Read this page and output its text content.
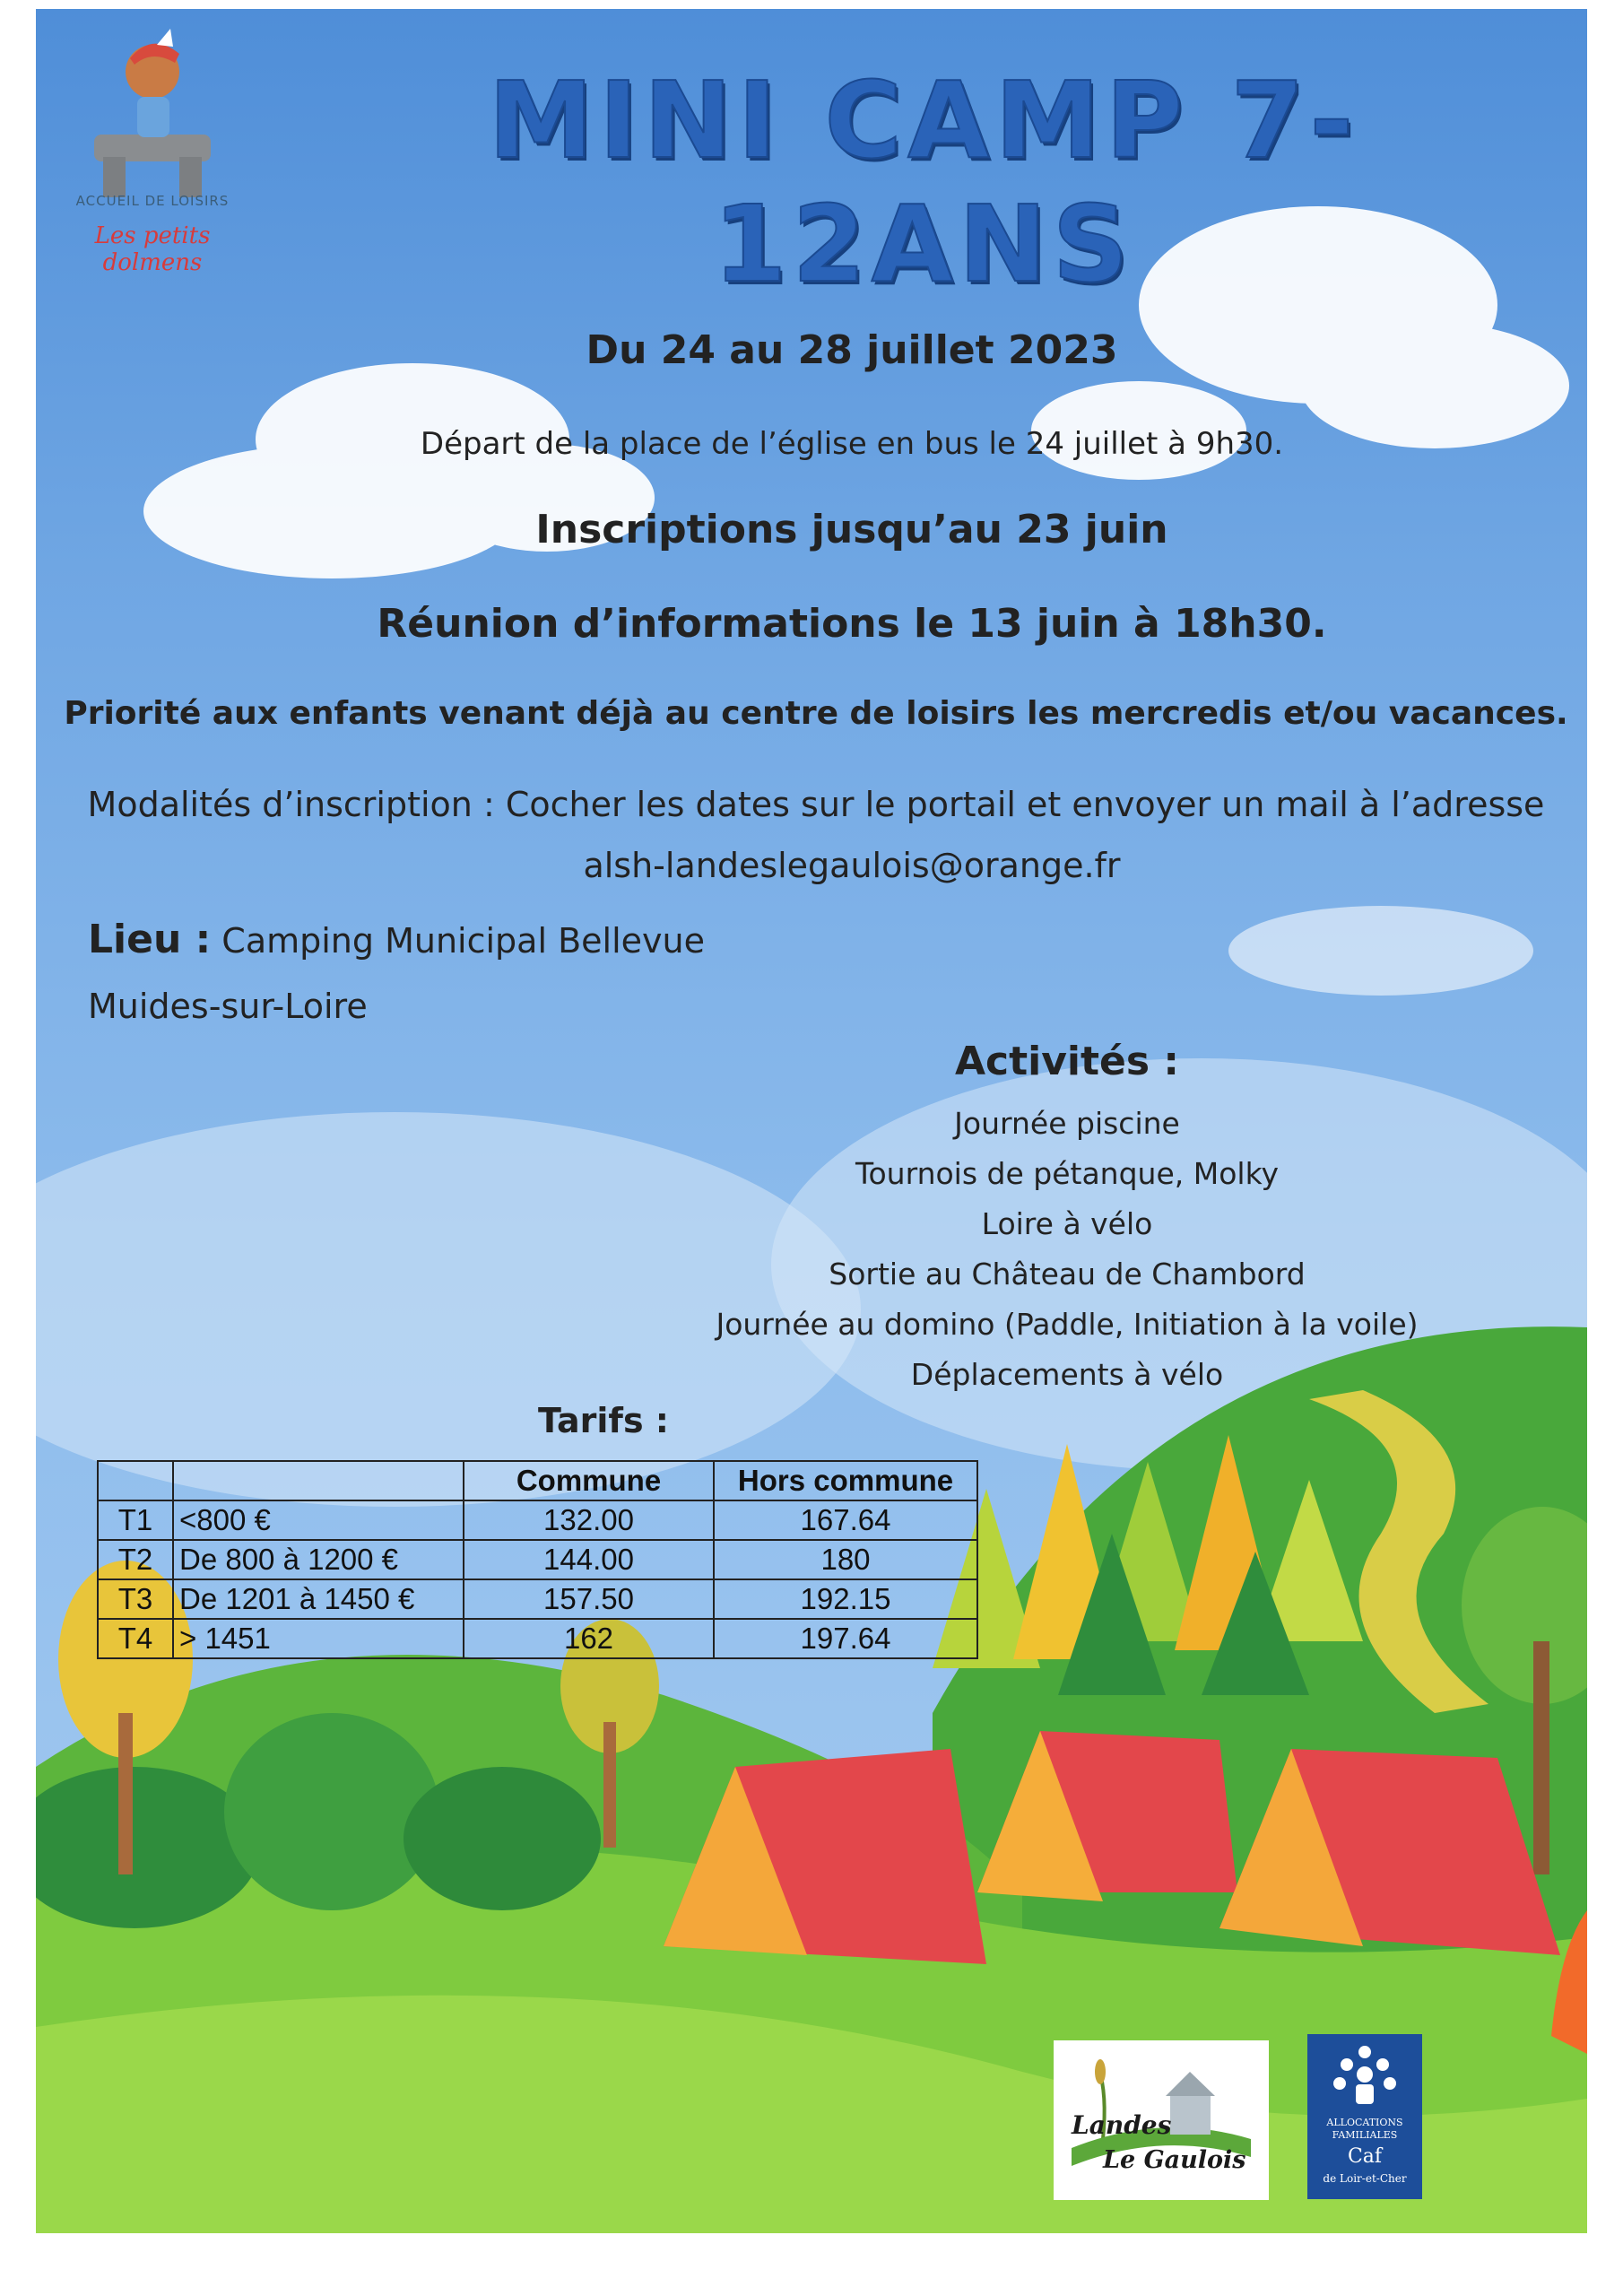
ACCUEIL DE LOISIRS
Les petits dolmens
MINI CAMP 7-12ANS
Du 24 au 28 juillet 2023
Départ de la place de l’église en bus le 24 juillet à 9h30.
Inscriptions jusqu’au 23 juin
Réunion d’informations le 13 juin à 18h30.
Priorité aux enfants venant déjà au centre de loisirs les mercredis et/ou vacances.
Modalités d’inscription : Cocher les dates sur le portail et envoyer un mail à l’adresse
alsh-landeslegaulois@orange.fr
Lieu : Camping Municipal Bellevue
Muides-sur-Loire
Activités :
Journée piscine
Tournois de pétanque, Molky
Loire à vélo
Sortie au Château de Chambord
Journée au domino (Paddle, Initiation à la voile)
Déplacements à vélo
Tarifs :
		Commune	Hors commune
T1	<800 €	132.00	167.64
T2	De 800 à 1200 €	144.00	180
T3	De 1201 à 1450 €	157.50	192.15
T4	> 1451	162	197.64
Landes
Le Gaulois
ALLOCATIONS
FAMILIALES
Caf
de Loir-et-Cher
